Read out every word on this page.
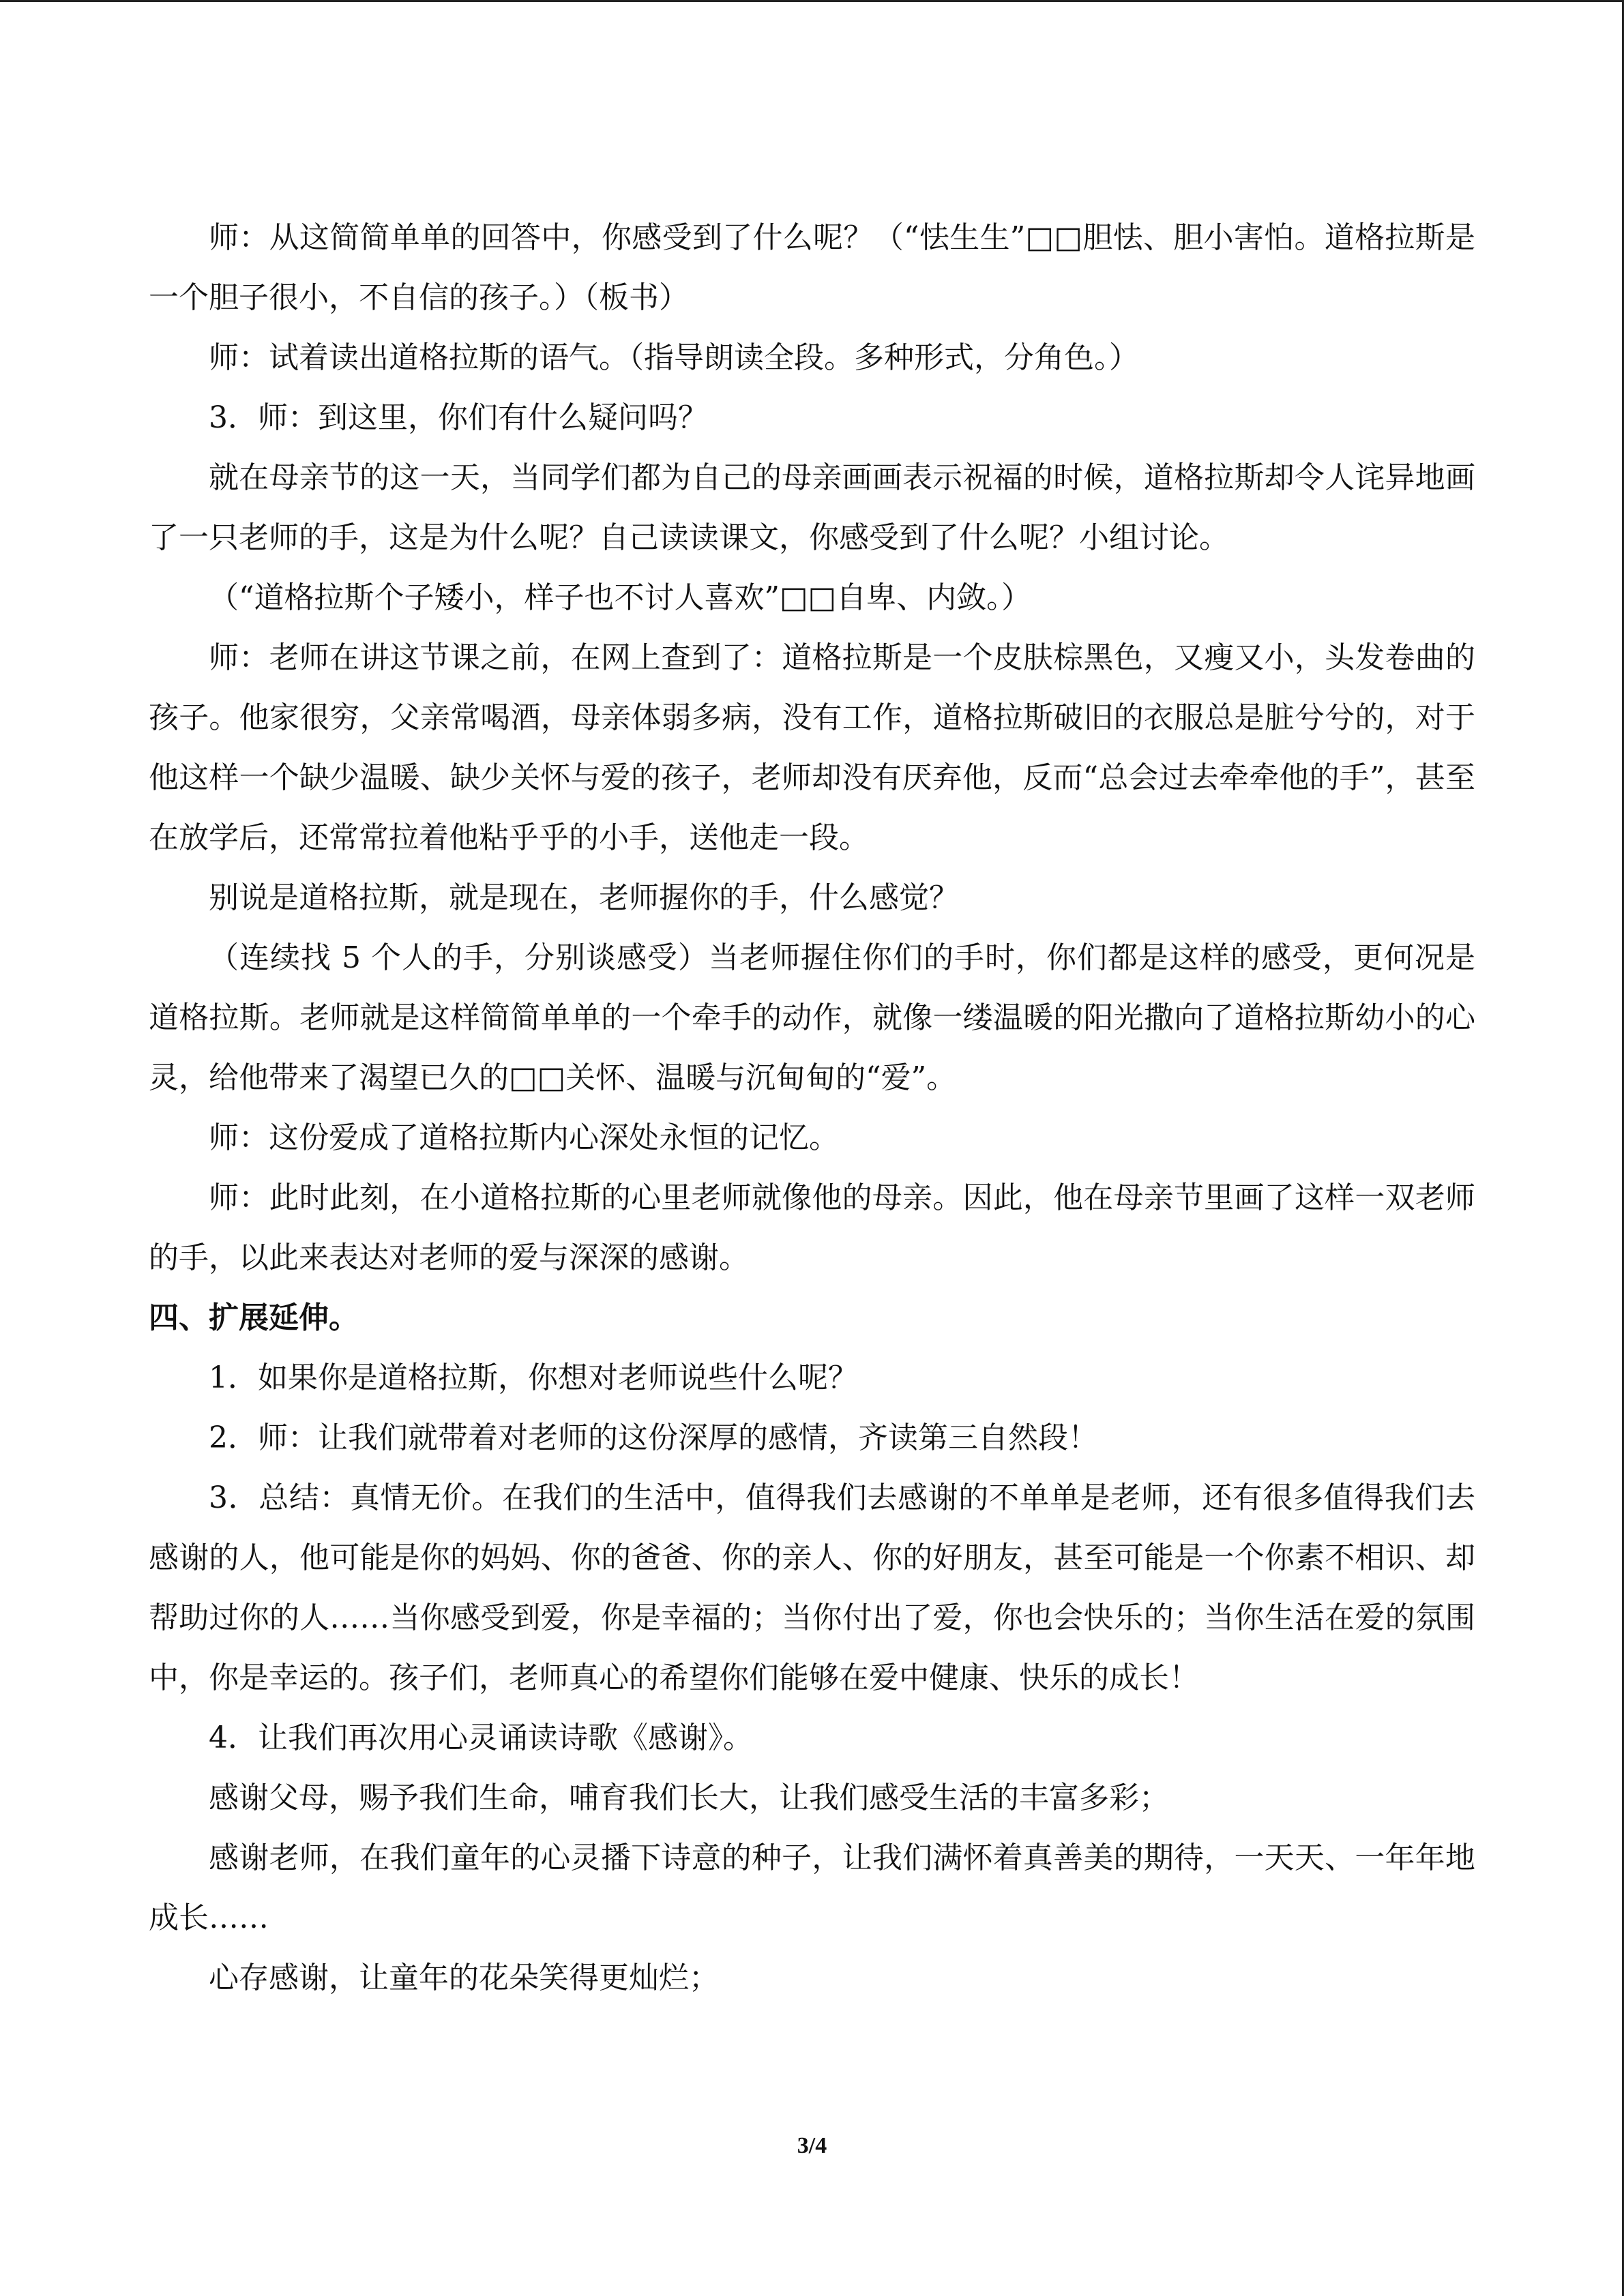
师：从这简简单单的回答中，你感受到了什么呢？（“怯生生”□□胆怯、胆小害怕。道格拉斯是一个胆子很小，不自信的孩子。）（板书）

师：试着读出道格拉斯的语气。（指导朗读全段。多种形式，分角色。）

3．师：到这里，你们有什么疑问吗？

就在母亲节的这一天，当同学们都为自己的母亲画画表示祝福的时候，道格拉斯却令人诧异地画了一只老师的手，这是为什么呢？自己读读课文，你感受到了什么呢？小组讨论。

（“道格拉斯个子矮小，样子也不讨人喜欢”□□自卑、内敛。）

师：老师在讲这节课之前，在网上查到了：道格拉斯是一个皮肤棕黑色，又瘦又小，头发卷曲的孩子。他家很穷，父亲常喝酒，母亲体弱多病，没有工作，道格拉斯破旧的衣服总是脏兮兮的，对于他这样一个缺少温暖、缺少关怀与爱的孩子，老师却没有厌弃他，反而“总会过去牵牵他的手”，甚至在放学后，还常常拉着他粘乎乎的小手，送他走一段。

别说是道格拉斯，就是现在，老师握你的手，什么感觉？

（连续找 5 个人的手，分别谈感受）当老师握住你们的手时，你们都是这样的感受，更何况是道格拉斯。老师就是这样简简单单的一个牵手的动作，就像一缕温暖的阳光撒向了道格拉斯幼小的心灵，给他带来了渴望已久的□□关怀、温暖与沉甸甸的“爱”。

师：这份爱成了道格拉斯内心深处永恒的记忆。

师：此时此刻，在小道格拉斯的心里老师就像他的母亲。因此，他在母亲节里画了这样一双老师的手，以此来表达对老师的爱与深深的感谢。

四、扩展延伸。

1．如果你是道格拉斯，你想对老师说些什么呢？

2．师：让我们就带着对老师的这份深厚的感情，齐读第三自然段！

3．总结：真情无价。在我们的生活中，值得我们去感谢的不单单是老师，还有很多值得我们去感谢的人，他可能是你的妈妈、你的爸爸、你的亲人、你的好朋友，甚至可能是一个你素不相识、却帮助过你的人……当你感受到爱，你是幸福的；当你付出了爱，你也会快乐的；当你生活在爱的氛围中，你是幸运的。孩子们，老师真心的希望你们能够在爱中健康、快乐的成长！

4．让我们再次用心灵诵读诗歌《感谢》。

感谢父母，赐予我们生命，哺育我们长大，让我们感受生活的丰富多彩；

感谢老师，在我们童年的心灵播下诗意的种子，让我们满怀着真善美的期待，一天天、一年年地成长……

心存感谢，让童年的花朵笑得更灿烂；

3/4
